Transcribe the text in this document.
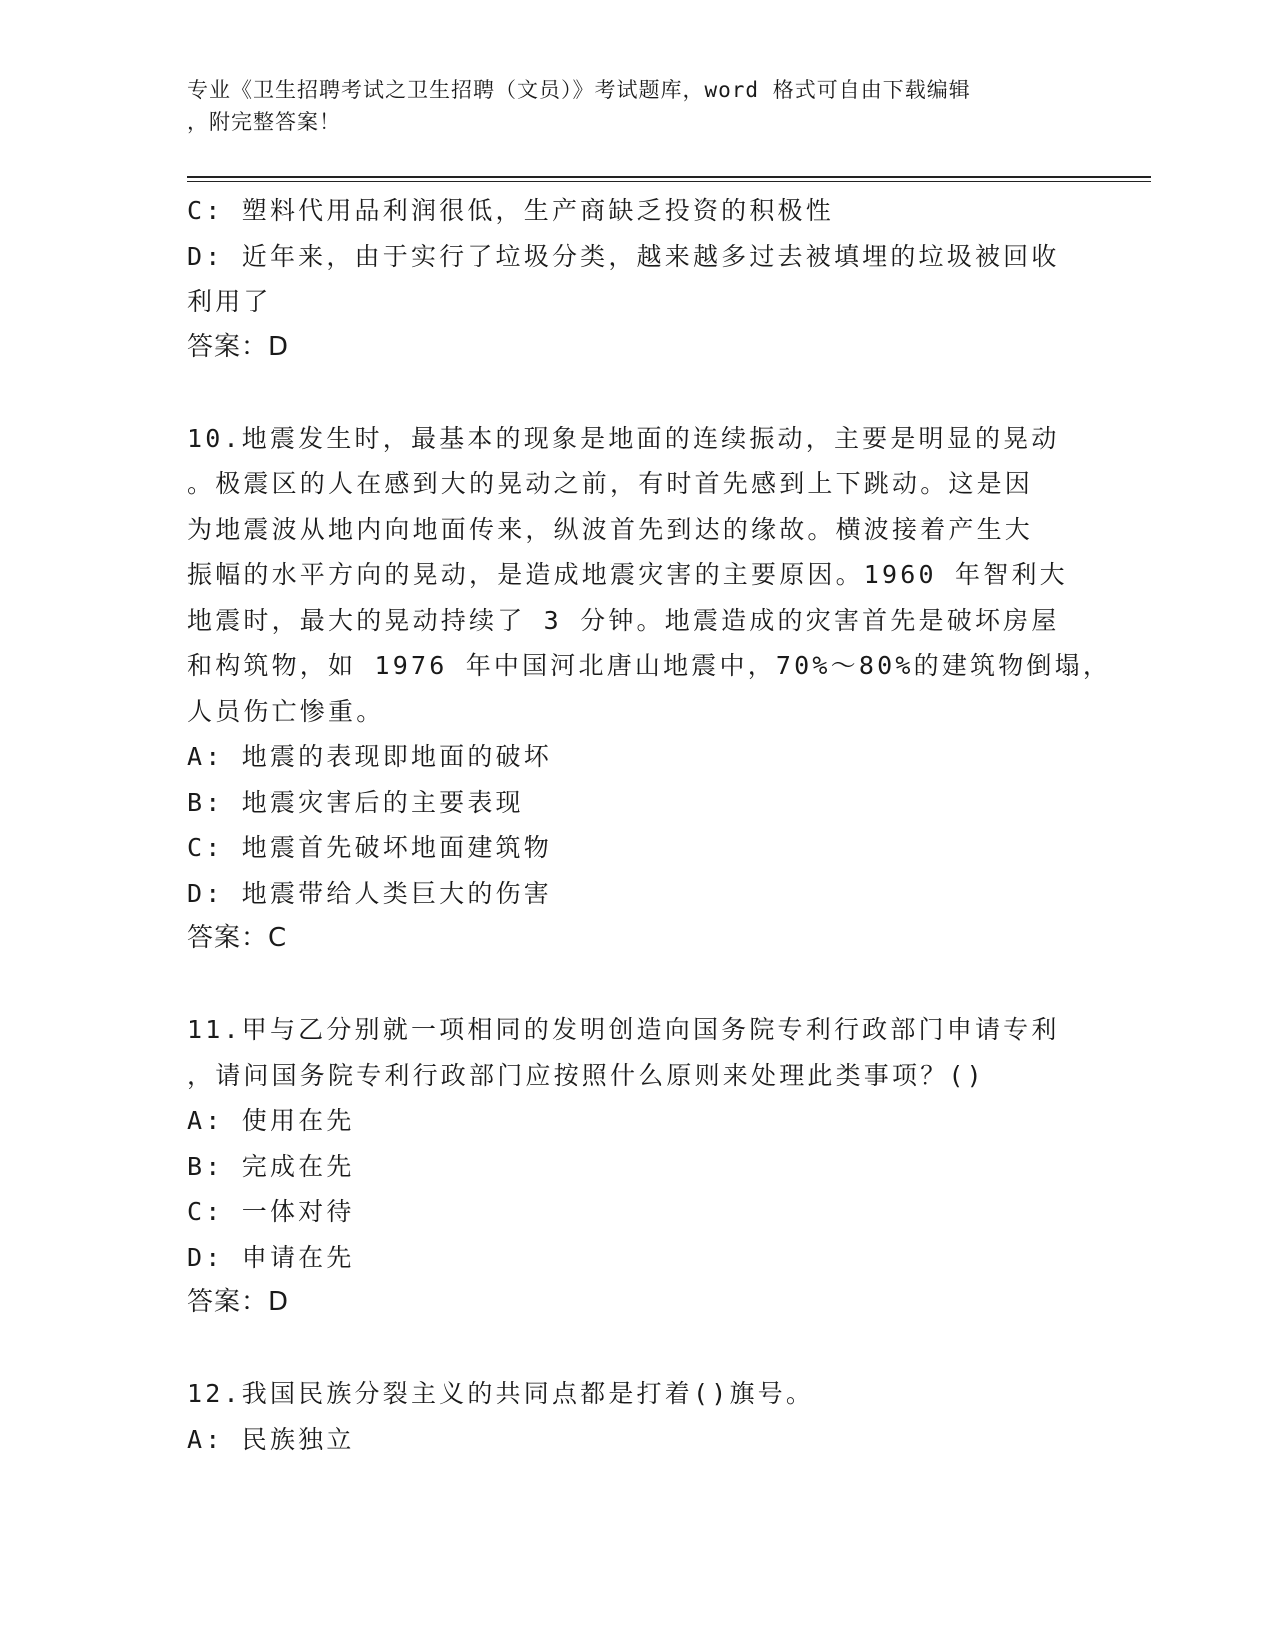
专业《卫生招聘考试之卫生招聘（文员）》考试题库，word 格式可自由下载编辑
，附完整答案！
C: 塑料代用品利润很低，生产商缺乏投资的积极性
D: 近年来，由于实行了垃圾分类，越来越多过去被填埋的垃圾被回收
利用了
答案：D
10.地震发生时，最基本的现象是地面的连续振动，主要是明显的晃动
。极震区的人在感到大的晃动之前，有时首先感到上下跳动。这是因
为地震波从地内向地面传来，纵波首先到达的缘故。横波接着产生大
振幅的水平方向的晃动，是造成地震灾害的主要原因。1960 年智利大
地震时，最大的晃动持续了 3 分钟。地震造成的灾害首先是破坏房屋
和构筑物，如 1976 年中国河北唐山地震中，70%～80%的建筑物倒塌，
人员伤亡惨重。
A: 地震的表现即地面的破坏
B: 地震灾害后的主要表现
C: 地震首先破坏地面建筑物
D: 地震带给人类巨大的伤害
答案：C
11.甲与乙分别就一项相同的发明创造向国务院专利行政部门申请专利
，请问国务院专利行政部门应按照什么原则来处理此类事项？()
A: 使用在先
B: 完成在先
C: 一体对待
D: 申请在先
答案：D
12.我国民族分裂主义的共同点都是打着()旗号。
A: 民族独立
